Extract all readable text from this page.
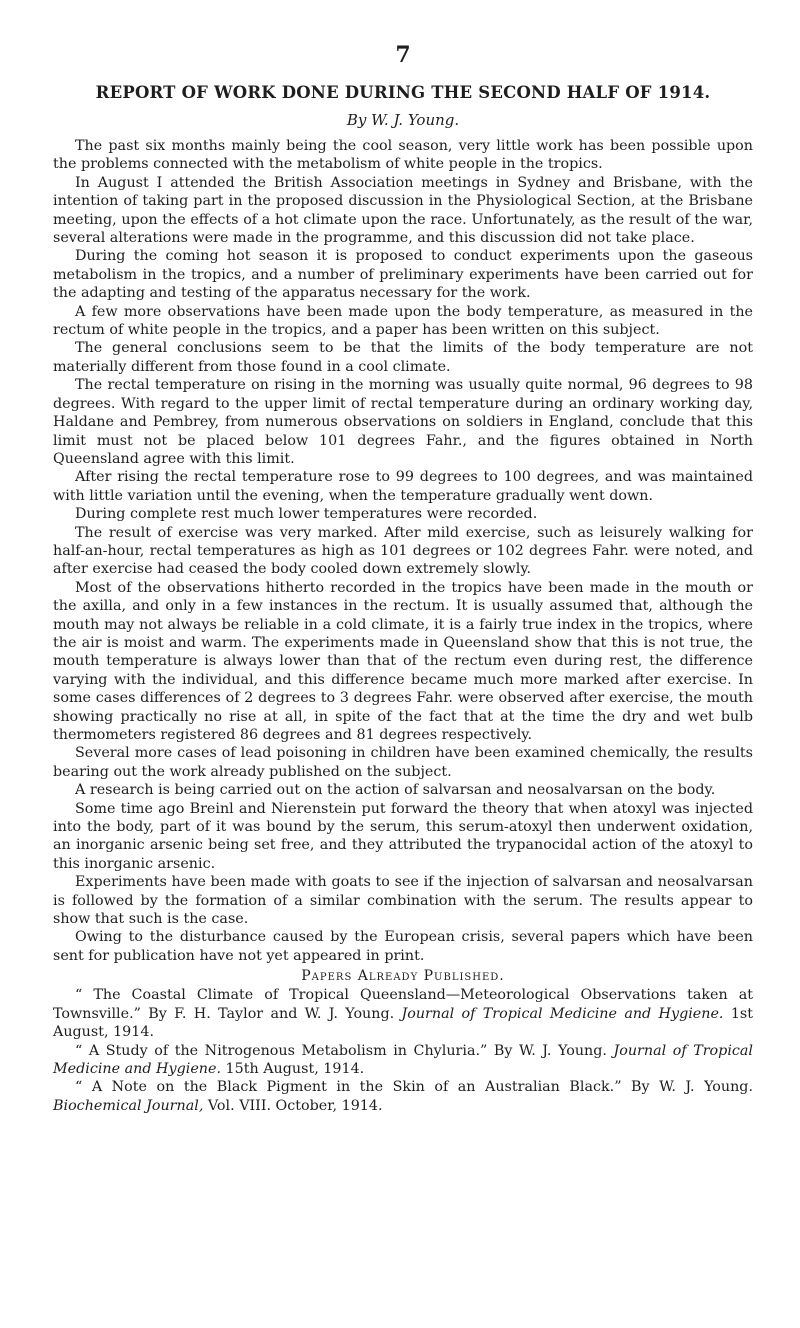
7
REPORT OF WORK DONE DURING THE SECOND HALF OF 1914.
By W. J. Young.

The past six months mainly being the cool season, very little work has been possible upon the problems connected with the metabolism of white people in the tropics.

In August I attended the British Association meetings in Sydney and Brisbane, with the intention of taking part in the proposed discussion in the Physiological Section, at the Brisbane meeting, upon the effects of a hot climate upon the race. Unfortunately, as the result of the war, several alterations were made in the programme, and this discussion did not take place.

During the coming hot season it is proposed to conduct experiments upon the gaseous metabolism in the tropics, and a number of preliminary experiments have been carried out for the adapting and testing of the apparatus necessary for the work.

A few more observations have been made upon the body temperature, as measured in the rectum of white people in the tropics, and a paper has been written on this subject.

The general conclusions seem to be that the limits of the body temperature are not materially different from those found in a cool climate.

The rectal temperature on rising in the morning was usually quite normal, 96 degrees to 98 degrees. With regard to the upper limit of rectal temperature during an ordinary working day, Haldane and Pembrey, from numerous observations on soldiers in England, conclude that this limit must not be placed below 101 degrees Fahr., and the figures obtained in North Queensland agree with this limit.

After rising the rectal temperature rose to 99 degrees to 100 degrees, and was maintained with little variation until the evening, when the temperature gradually went down.

During complete rest much lower temperatures were recorded.

The result of exercise was very marked. After mild exercise, such as leisurely walking for half-an-hour, rectal temperatures as high as 101 degrees or 102 degrees Fahr. were noted, and after exercise had ceased the body cooled down extremely slowly.

Most of the observations hitherto recorded in the tropics have been made in the mouth or the axilla, and only in a few instances in the rectum. It is usually assumed that, although the mouth may not always be reliable in a cold climate, it is a fairly true index in the tropics, where the air is moist and warm. The experiments made in Queensland show that this is not true, the mouth temperature is always lower than that of the rectum even during rest, the difference varying with the individual, and this difference became much more marked after exercise. In some cases differences of 2 degrees to 3 degrees Fahr. were observed after exercise, the mouth showing practically no rise at all, in spite of the fact that at the time the dry and wet bulb thermometers registered 86 degrees and 81 degrees respectively.

Several more cases of lead poisoning in children have been examined chemically, the results bearing out the work already published on the subject.

A research is being carried out on the action of salvarsan and neosalvarsan on the body.

Some time ago Breinl and Nierenstein put forward the theory that when atoxyl was injected into the body, part of it was bound by the serum, this serum-atoxyl then underwent oxidation, an inorganic arsenic being set free, and they attributed the trypanocidal action of the atoxyl to this inorganic arsenic.

Experiments have been made with goats to see if the injection of salvarsan and neosalvarsan is followed by the formation of a similar combination with the serum. The results appear to show that such is the case.

Owing to the disturbance caused by the European crisis, several papers which have been sent for publication have not yet appeared in print.

Papers Already Published.

“ The Coastal Climate of Tropical Queensland—Meteorological Observations taken at Townsville.” By F. H. Taylor and W. J. Young. Journal of Tropical Medicine and Hygiene. 1st August, 1914.

“ A Study of the Nitrogenous Metabolism in Chyluria.” By W. J. Young. Journal of Tropical Medicine and Hygiene. 15th August, 1914.

“ A Note on the Black Pigment in the Skin of an Australian Black.” By W. J. Young. Biochemical Journal, Vol. VIII. October, 1914.
